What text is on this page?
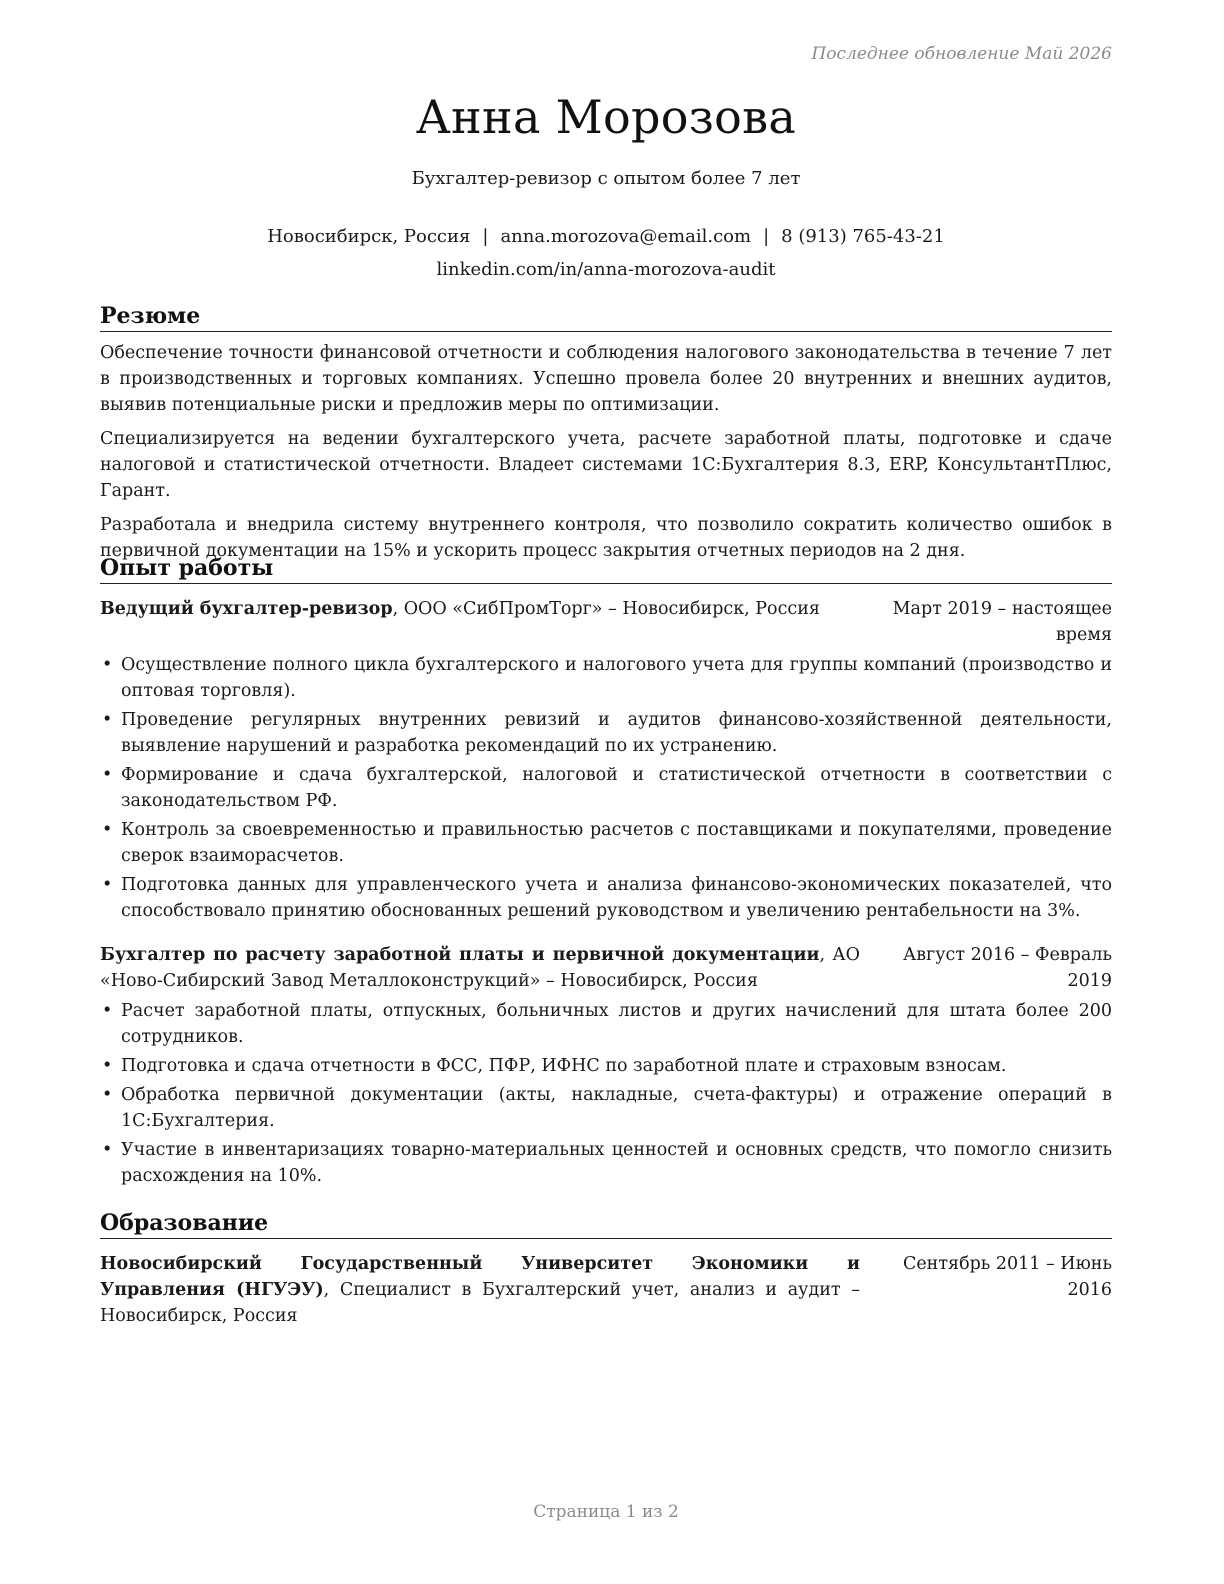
Последнее обновление Май 2026
Анна Морозова
Бухгалтер-ревизор с опытом более 7 лет
Новосибирск, Россия | anna.morozova@email.com | 8 (913) 765-43-21
linkedin.com/in/anna-morozova-audit
Резюме

Обеспечение точности финансовой отчетности и соблюдения налогового законодательства в течение 7 лет в производственных и торговых компаниях. Успешно провела более 20 внутренних и внешних аудитов, выявив потенциальные риски и предложив меры по оптимизации.

Специализируется на ведении бухгалтерского учета, расчете заработной платы, подготовке и сдаче налоговой и статистической отчетности. Владеет системами 1С:Бухгалтерия 8.3, ERP, КонсультантПлюс, Гарант.

Разработала и внедрила систему внутреннего контроля, что позволило сократить количество ошибок в первичной документации на 15% и ускорить процесс закрытия отчетных периодов на 2 дня.

Опыт работы
Ведущий бухгалтер-ревизор, ООО «СибПромТорг» – Новосибирск, Россия	Март 2019 – настоящее время
• Осуществление полного цикла бухгалтерского и налогового учета для группы компаний (производство и оптовая торговля).
• Проведение регулярных внутренних ревизий и аудитов финансово-хозяйственной деятельности, выявление нарушений и разработка рекомендаций по их устранению.
• Формирование и сдача бухгалтерской, налоговой и статистической отчетности в соответствии с законодательством РФ.
• Контроль за своевременностью и правильностью расчетов с поставщиками и покупателями, проведение сверок взаиморасчетов.
• Подготовка данных для управленческого учета и анализа финансово-экономических показателей, что способствовало принятию обоснованных решений руководством и увеличению рентабельности на 3%.
Бухгалтер по расчету заработной платы и первичной документации, АО «Ново-Сибирский Завод Металлоконструкций» – Новосибирск, Россия
Август 2016 – Февраль 2019
• Расчет заработной платы, отпускных, больничных листов и других начислений для штата более 200 сотрудников.
• Подготовка и сдача отчетности в ФСС, ПФР, ИФНС по заработной плате и страховым взносам.
• Обработка первичной документации (акты, накладные, счета-фактуры) и отражение операций в 1С:Бухгалтерия.
• Участие в инвентаризациях товарно-материальных ценностей и основных средств, что помогло снизить расхождения на 10%.
Образование
Новосибирский Государственный Университет Экономики и Управления (НГУЭУ), Специалист в Бухгалтерский учет, анализ и аудит – Новосибирск, Россия
Сентябрь 2011 – Июнь 2016
Страница 1 из 2
